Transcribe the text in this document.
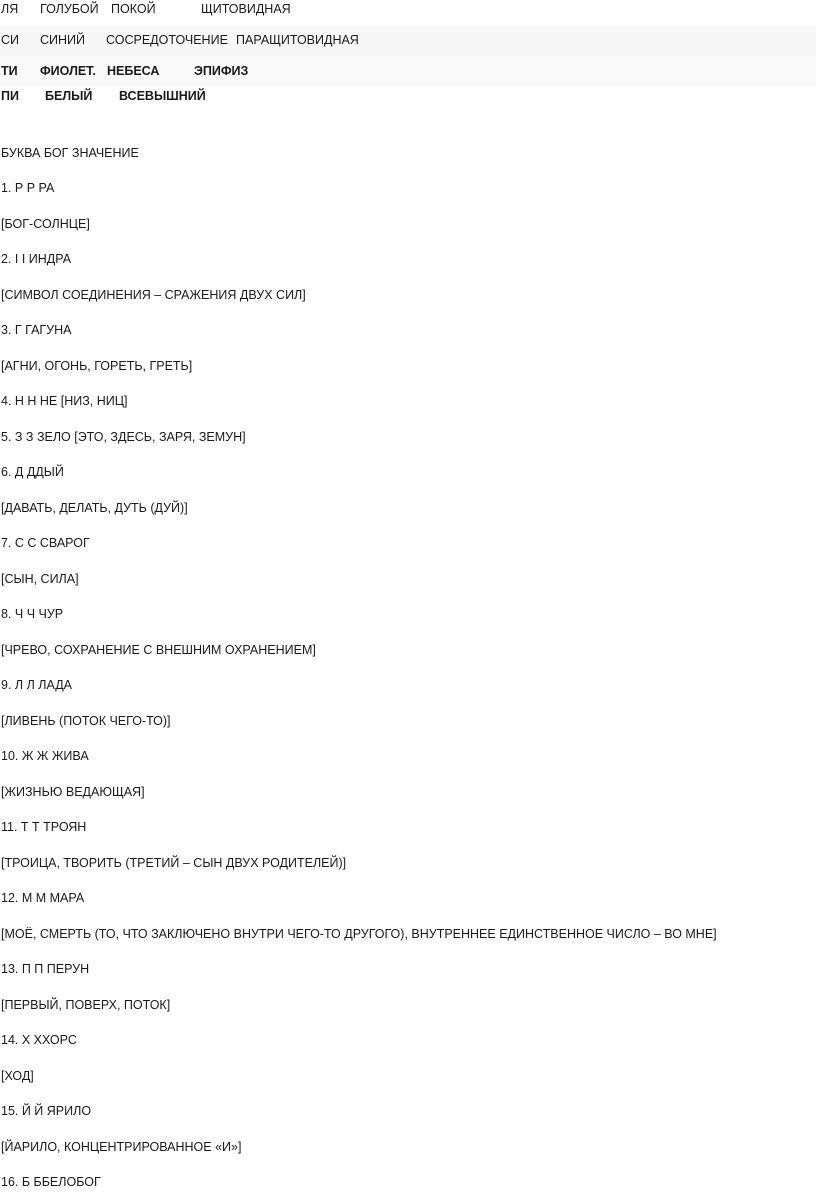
ЛЯ ГОЛУБОЙ ПОКОЙ	ЩИТОВИДНАЯ
СИ СИНИЙ СОСРЕДОТОЧЕНИЕ ПАРАЩИТОВИДНАЯ
ТИ ФИОЛЕТ. НЕБЕСА	ЭПИФИЗ
ПИ БЕЛЫЙ ВСЕВЫШНИЙ
БУКВА БОГ ЗНАЧЕНИЕ
1. Р Р РА
[БОГ-СОЛНЦЕ]
2. І І ИНДРА
[СИМВОЛ СОЕДИНЕНИЯ – СРАЖЕНИЯ ДВУХ СИЛ]
3. Г ГАГУНА
[АГНИ, ОГОНЬ, ГОРЕТЬ, ГРЕТЬ]
4. Н Н НЕ [НИЗ, НИЦ]
5. З З ЗЕЛО [ЭТО, ЗДЕСЬ, ЗАРЯ, ЗЕМУН]
6. Д ДДЫЙ
[ДАВАТЬ, ДЕЛАТЬ, ДУТЬ (ДУЙ)]
7. С С СВАРОГ
[СЫН, СИЛА]
8. Ч Ч ЧУР
[ЧРЕВО, СОХРАНЕНИЕ С ВНЕШНИМ ОХРАНЕНИЕМ]
9. Л Л ЛАДА
[ЛИВЕНЬ (ПОТОК ЧЕГО-ТО)]
10. Ж Ж ЖИВА
[ЖИЗНЬЮ ВЕДАЮЩАЯ]
11. Т Т ТРОЯН
[ТРОИЦА, ТВОРИТЬ (ТРЕТИЙ – СЫН ДВУХ РОДИТЕЛЕЙ)]
12. М М МАРА
[МОЁ, СМЕРТЬ (ТО, ЧТО ЗАКЛЮЧЕНО ВНУТРИ ЧЕГО-ТО ДРУГОГО), ВНУТРЕННЕЕ ЕДИНСТВЕННОЕ ЧИСЛО – ВО МНЕ]
13. П П ПЕРУН
[ПЕРВЫЙ, ПОВЕРХ, ПОТОК]
14. Х ХХОРС
[ХОД]
15. Й Й ЯРИЛО
[ЙАРИЛО, КОНЦЕНТРИРОВАННОЕ «И»]
16. Б ББЕЛОБОГ
